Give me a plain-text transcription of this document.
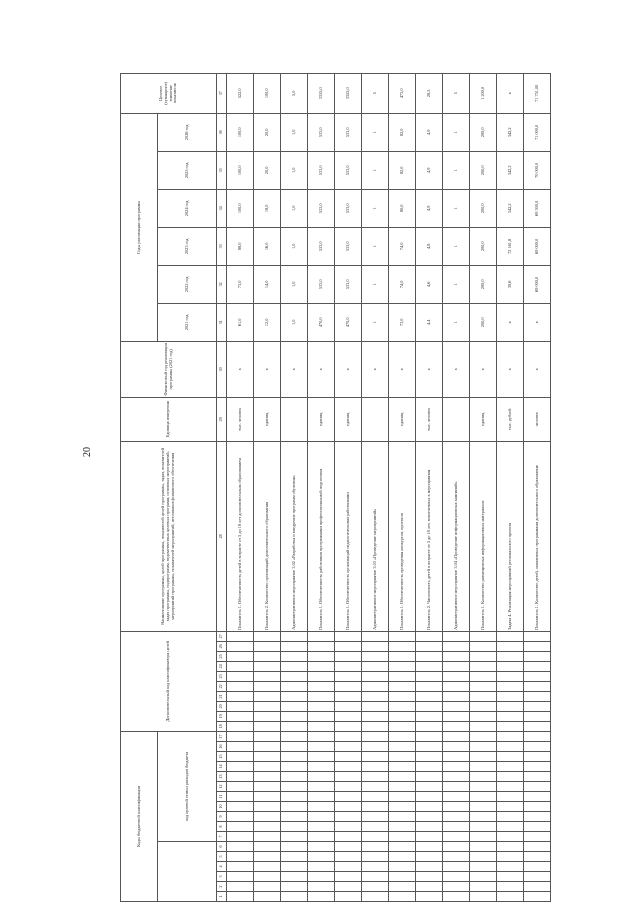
20
Коды бюджетной классификации																	Дополнительный код классификатора целей										Наименование программы, целей программы, показателей целей программы, задач, показателей задач программы, подпрограмм, ведомственных целевых программ, основных мероприятий, мероприятий программы, показателей мероприятий, источников финансового обеспечения	Единица измерения	Финансовый год реализации программы (2021 год)	Годы реализации программы						Целевое (суммарное) значение показателя
						код целевой статьи расходов бюджета																								2021 год	2022 год	2023 год	2024 год	2025 год	2026 год	
1	2	3	4	5	6	7	8	9	10	11	12	13	14	15	16	17	18	19	20	21	22	23	24	25	26	27	28	29	30	31	32	33	34	35	36	37
																											Показатель 1. Обеспеченность детей в возрасте от 5 до 18 лет дополнительным образованием	тыс. человек	x	61,0	73,0	88,0	100,0	100,0	100,0	522,0
																											Показатель 2. Количество организаций дополнительного образования	единиц	x	12,0	14,0	16,0	18,0	20,0	20,0	100,0
																											Административное мероприятие 3.02 «Разработка и внедрение программ обучения»		x	1,0	1,0	1,0	1,0	1,0	1,0	5,0
																											Показатель 1. Обеспеченность работников программами профессиональной подготовки	единиц	x	470,0	533,0	533,0	533,0	533,0	533,0	3355,0
																											Показатель 1. Обеспеченность организаций педагогическими работниками	единиц	x	470,0	533,0	533,0	533,0	533,0	533,0	3355,0
																											Административное мероприятие 3.03 «Проведение мероприятий»		x	1	1	1	1	1	1	5
																											Показатель 1. Обеспеченность проведения конкурсов, проектов	единиц	x	73,0	74,0	74,0	80,0	82,0	82,0	473,0
																											Показатель 2. Численность детей в возрасте от 5 до 18 лет, вовлеченных в мероприятия	тыс. человек	x	4,4	4,6	4,8	4,9	4,9	4,9	28,5
																											Административное мероприятие 3.04 «Проведение информационных кампаний»		x	1	1	1	1	1	1	5
																											Показатель 1. Количество размещенных информационных материалов	единиц	x	200,0	200,0	200,0	200,0	200,0	200,0	1 200,0
																											Задача 4. Реализация мероприятий регионального проекта	тыс. рублей	x	x	39,6	72 161,8	342,2	342,2	342,2	x
																											Показатель 1. Количество детей, охваченных программами дополнительного образования	человек	x	x	69 000,0	69 000,0	69 300,0	70 000,0	71 000,0	71 751,00
